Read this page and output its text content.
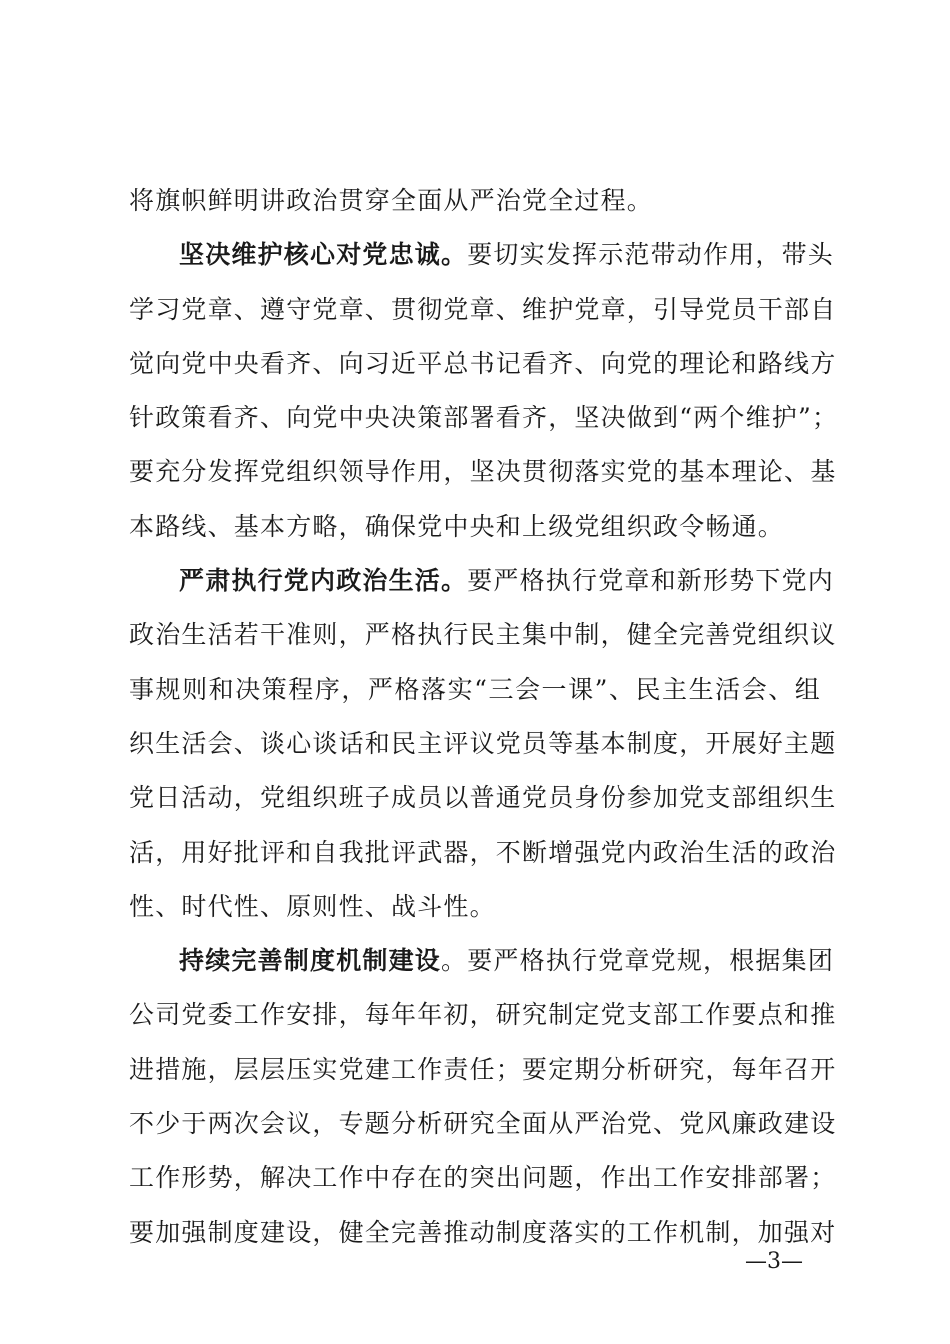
将旗帜鲜明讲政治贯穿全面从严治党全过程。
坚决维护核心对党忠诚。要切实发挥示范带动作用，带头
学习党章、遵守党章、贯彻党章、维护党章，引导党员干部自
觉向党中央看齐、向习近平总书记看齐、向党的理论和路线方
针政策看齐、向党中央决策部署看齐，坚决做到“两个维护”；
要充分发挥党组织领导作用，坚决贯彻落实党的基本理论、基
本路线、基本方略，确保党中央和上级党组织政令畅通。
严肃执行党内政治生活。要严格执行党章和新形势下党内
政治生活若干准则，严格执行民主集中制，健全完善党组织议
事规则和决策程序，严格落实“三会一课”、民主生活会、组
织生活会、谈心谈话和民主评议党员等基本制度，开展好主题
党日活动，党组织班子成员以普通党员身份参加党支部组织生
活，用好批评和自我批评武器，不断增强党内政治生活的政治
性、时代性、原则性、战斗性。
持续完善制度机制建设。要严格执行党章党规，根据集团
公司党委工作安排，每年年初，研究制定党支部工作要点和推
进措施，层层压实党建工作责任；要定期分析研究，每年召开
不少于两次会议，专题分析研究全面从严治党、党风廉政建设
工作形势，解决工作中存在的突出问题，作出工作安排部署；
要加强制度建设，健全完善推动制度落实的工作机制，加强对
—3—
